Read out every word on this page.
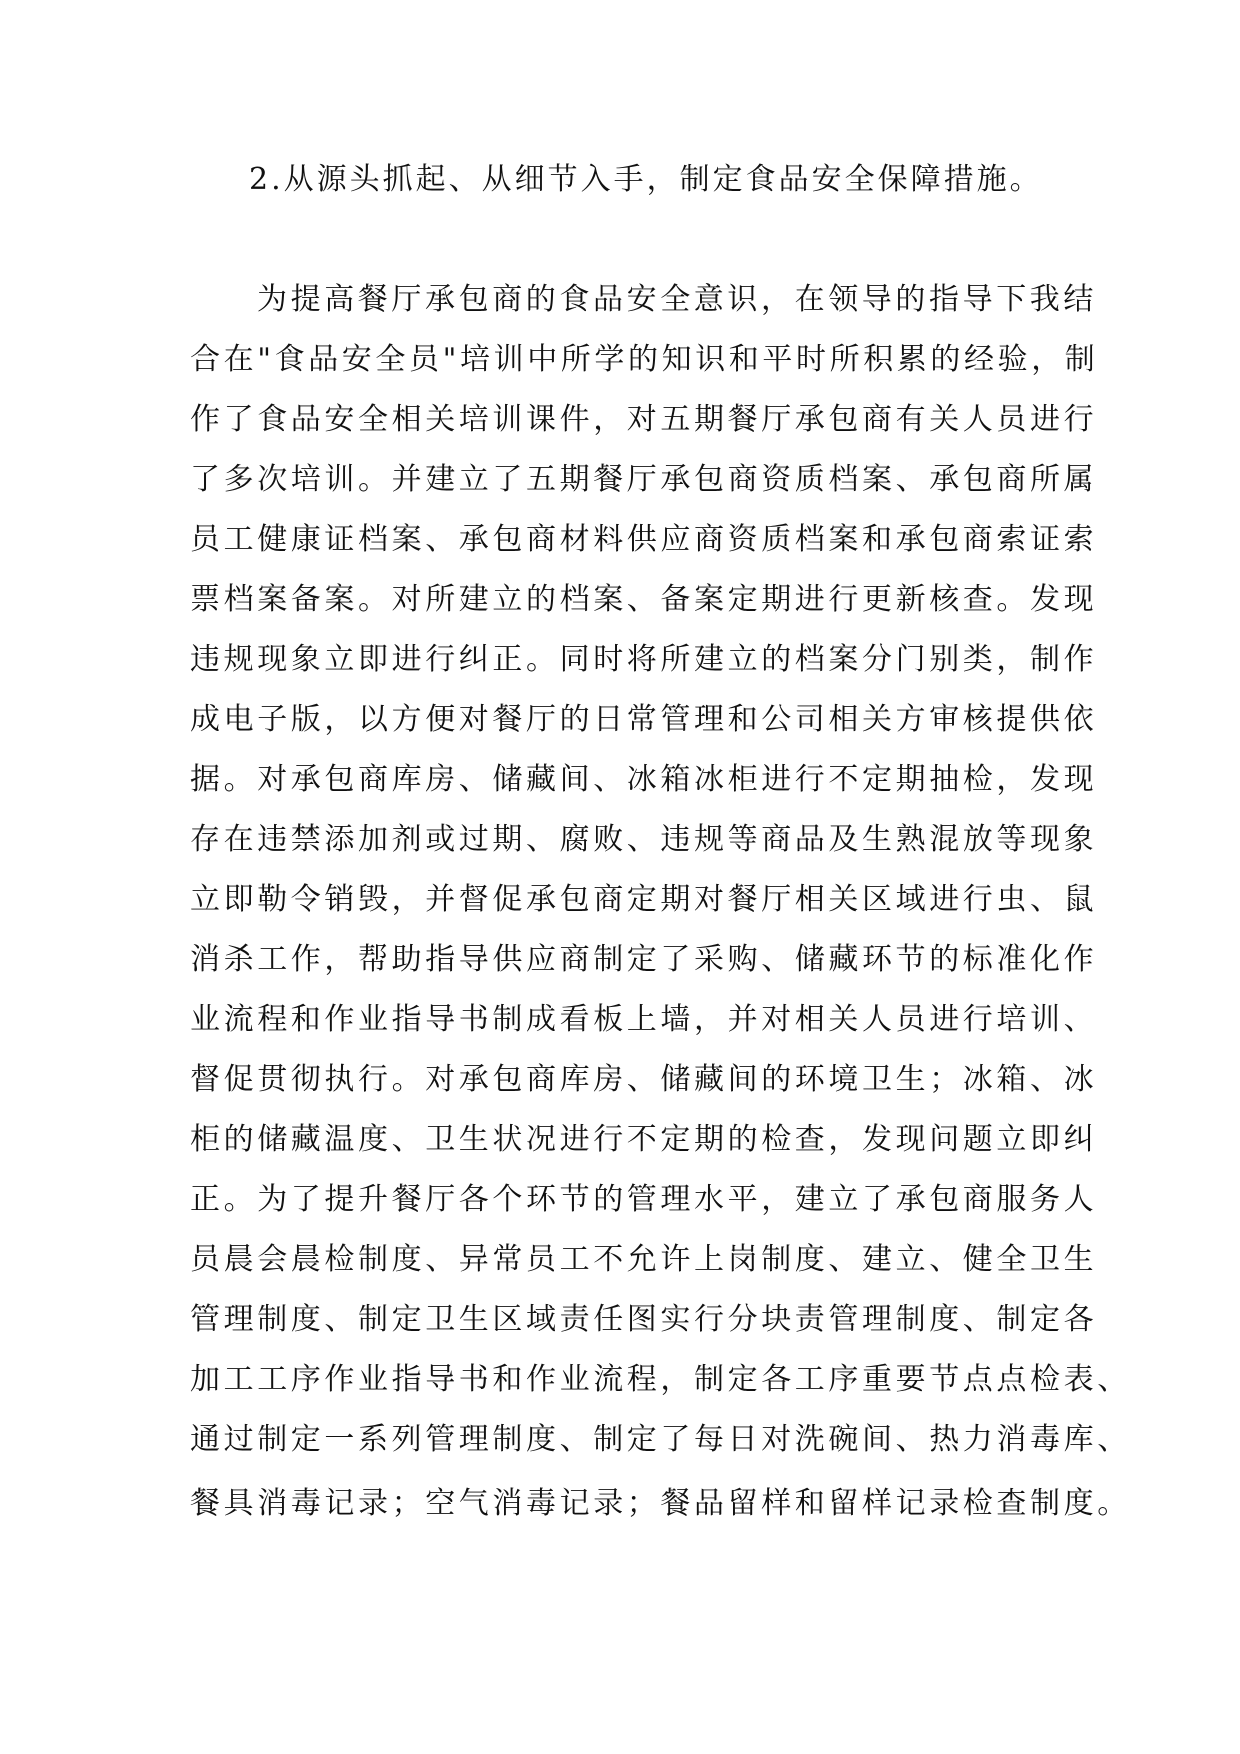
2.从源头抓起、从细节入手，制定食品安全保障措施。
为提高餐厅承包商的食品安全意识，在领导的指导下我结
合在"食品安全员"培训中所学的知识和平时所积累的经验，制
作了食品安全相关培训课件，对五期餐厅承包商有关人员进行
了多次培训。并建立了五期餐厅承包商资质档案、承包商所属
员工健康证档案、承包商材料供应商资质档案和承包商索证索
票档案备案。对所建立的档案、备案定期进行更新核查。发现
违规现象立即进行纠正。同时将所建立的档案分门别类，制作
成电子版，以方便对餐厅的日常管理和公司相关方审核提供依
据。对承包商库房、储藏间、冰箱冰柜进行不定期抽检，发现
存在违禁添加剂或过期、腐败、违规等商品及生熟混放等现象
立即勒令销毁，并督促承包商定期对餐厅相关区域进行虫、鼠
消杀工作，帮助指导供应商制定了采购、储藏环节的标准化作
业流程和作业指导书制成看板上墙，并对相关人员进行培训、
督促贯彻执行。对承包商库房、储藏间的环境卫生；冰箱、冰
柜的储藏温度、卫生状况进行不定期的检查，发现问题立即纠
正。为了提升餐厅各个环节的管理水平，建立了承包商服务人
员晨会晨检制度、异常员工不允许上岗制度、建立、健全卫生
管理制度、制定卫生区域责任图实行分块责管理制度、制定各
加工工序作业指导书和作业流程，制定各工序重要节点点检表、
通过制定一系列管理制度、制定了每日对洗碗间、热力消毒库、
餐具消毒记录；空气消毒记录；餐品留样和留样记录检查制度。
